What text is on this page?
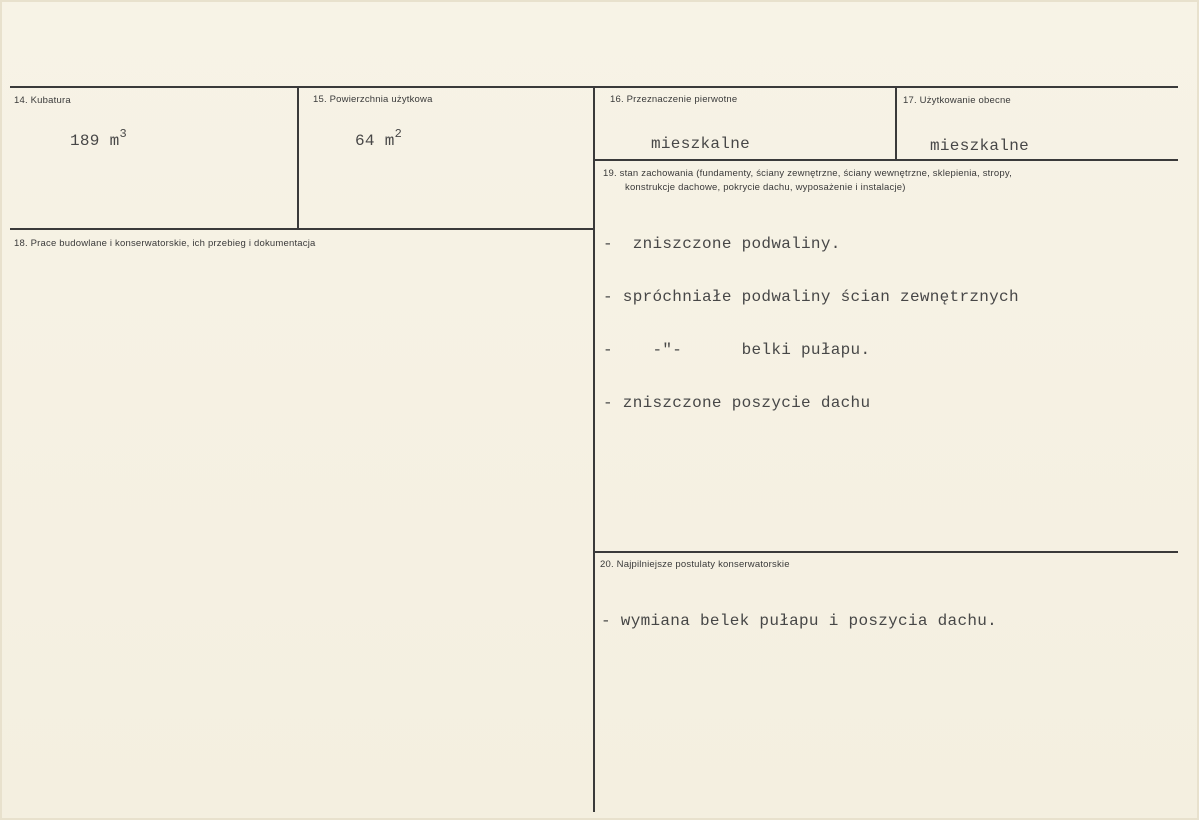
14. Kubatura
189 $m^3$
15. Powierzchnia użytkowa
64 $m^2$
16. Przeznaczenie pierwotne
mieszkalne
17. Użytkowanie obecne
mieszkalne
18. Prace budowlane i konserwatorskie, ich przebieg i dokumentacja
19. stan zachowania (fundamenty, ściany zewnętrzne, ściany wewnętrzne, sklepienia, stropy,
konstrukcje dachowe, pokrycie dachu, wyposażenie i instalacje)

-  zniszczone podwaliny.

- spróchniałe podwaliny ścian zewnętrznych

-    -"-      belki pułapu.

- zniszczone poszycie dachu

20. Najpilniejsze postulaty konserwatorskie

- wymiana belek pułapu i poszycia dachu.
